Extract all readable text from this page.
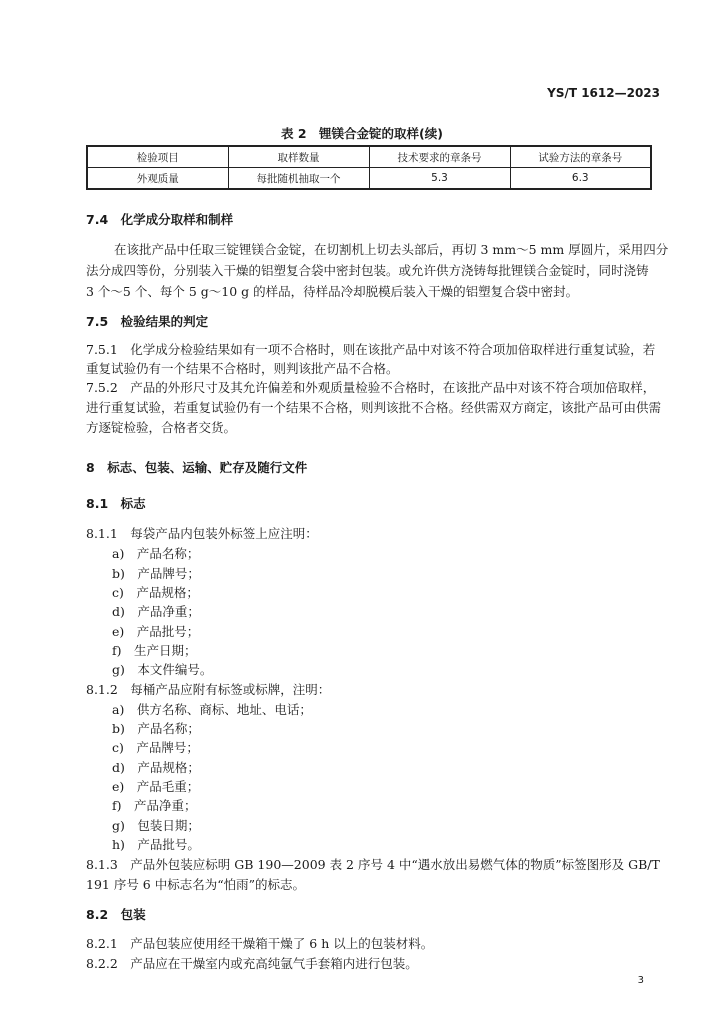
YS/T 1612—2023
表 2　锂镁合金锭的取样(续)
检验项目	取样数量	技术要求的章条号	试验方法的章条号
外观质量	每批随机抽取一个	5.3	6.3
7.4　化学成分取样和制样
在该批产品中任取三锭锂镁合金锭，在切割机上切去头部后，再切 3 mm～5 mm 厚圆片，采用四分
法分成四等份，分别装入干燥的铝塑复合袋中密封包装。或允许供方浇铸每批锂镁合金锭时，同时浇铸
3 个～5 个、每个 5 g～10 g 的样品，待样品冷却脱模后装入干燥的铝塑复合袋中密封。
7.5　检验结果的判定
7.5.1　化学成分检验结果如有一项不合格时，则在该批产品中对该不符合项加倍取样进行重复试验，若
重复试验仍有一个结果不合格时，则判该批产品不合格。
7.5.2　产品的外形尺寸及其允许偏差和外观质量检验不合格时，在该批产品中对该不符合项加倍取样，
进行重复试验，若重复试验仍有一个结果不合格，则判该批不合格。经供需双方商定，该批产品可由供需
方逐锭检验，合格者交货。
8　标志、包装、运输、贮存及随行文件
8.1　标志
8.1.1　每袋产品内包装外标签上应注明：
a)　产品名称；
b)　产品牌号；
c)　产品规格；
d)　产品净重；
e)　产品批号；
f)　生产日期；
g)　本文件编号。
8.1.2　每桶产品应附有标签或标牌，注明：
a)　供方名称、商标、地址、电话；
b)　产品名称；
c)　产品牌号；
d)　产品规格；
e)　产品毛重；
f)　产品净重；
g)　包装日期；
h)　产品批号。
8.1.3　产品外包装应标明 GB 190—2009 表 2 序号 4 中“遇水放出易燃气体的物质”标签图形及 GB/T
191 序号 6 中标志名为“怕雨”的标志。
8.2　包装
8.2.1　产品包装应使用经干燥箱干燥了 6 h 以上的包装材料。
8.2.2　产品应在干燥室内或充高纯氩气手套箱内进行包装。
3
